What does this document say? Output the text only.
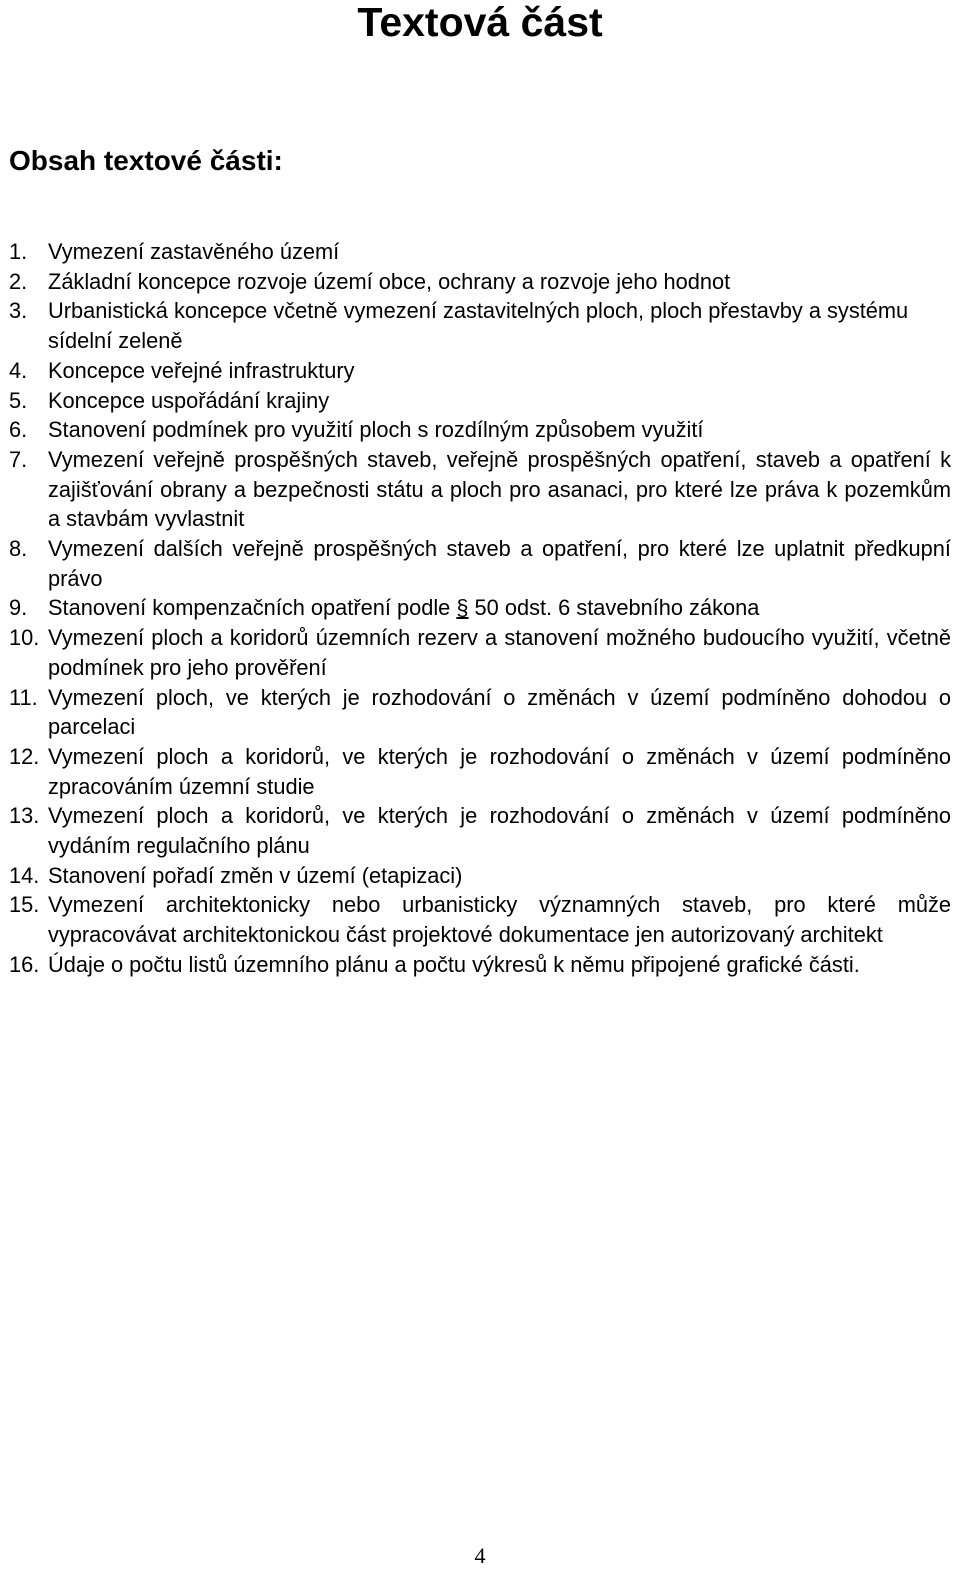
Textová část
Obsah textové části:
1. Vymezení zastavěného území
2. Základní koncepce rozvoje území obce, ochrany a rozvoje jeho hodnot
3. Urbanistická koncepce včetně vymezení zastavitelných ploch, ploch přestavby a systému sídelní zeleně
4. Koncepce veřejné infrastruktury
5. Koncepce uspořádání krajiny
6. Stanovení podmínek pro využití ploch s rozdílným způsobem využití
7. Vymezení veřejně prospěšných staveb, veřejně prospěšných opatření, staveb a opatření k zajišťování obrany a bezpečnosti státu a ploch pro asanaci, pro které lze práva k pozemkům a stavbám vyvlastnit
8. Vymezení dalších veřejně prospěšných staveb a opatření, pro které lze uplatnit předkupní právo
9. Stanovení kompenzačních opatření podle § 50 odst. 6 stavebního zákona
10. Vymezení ploch a koridorů územních rezerv a stanovení možného budoucího využití, včetně podmínek pro jeho prověření
11. Vymezení ploch, ve kterých je rozhodování o změnách v území podmíněno dohodou o parcelaci
12. Vymezení ploch a koridorů, ve kterých je rozhodování o změnách v území podmíněno zpracováním územní studie
13. Vymezení ploch a koridorů, ve kterých je rozhodování o změnách v území podmíněno vydáním regulačního plánu
14. Stanovení pořadí změn v území (etapizaci)
15. Vymezení architektonicky nebo urbanisticky významných staveb, pro které může vypracovávat architektonickou část projektové dokumentace jen autorizovaný architekt
16. Údaje o počtu listů územního plánu a počtu výkresů k němu připojené grafické části.
4
